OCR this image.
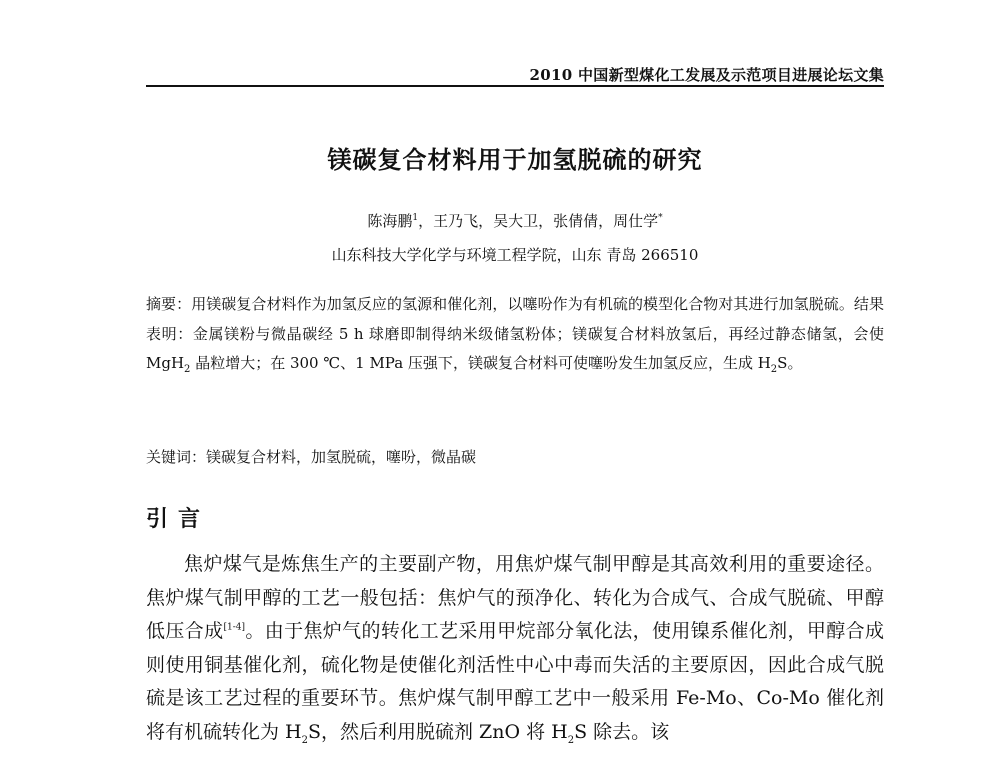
2010 中国新型煤化工发展及示范项目进展论坛文集
镁碳复合材料用于加氢脱硫的研究
陈海鹏$^1$，王乃飞，吴大卫，张倩倩，周仕学*
山东科技大学化学与环境工程学院，山东 青岛 266510

摘要：用镁碳复合材料作为加氢反应的氢源和催化剂，以噻吩作为有机硫的模型化合物对其进行加氢脱硫。结果表明：金属镁粉与微晶碳经 5 h 球磨即制得纳米级储氢粉体；镁碳复合材料放氢后，再经过静态储氢，会使 MgH$_2$ 晶粒增大；在 300 ℃、1 MPa 压强下，镁碳复合材料可使噻吩发生加氢反应，生成 $H_2S$。

关键词：镁碳复合材料，加氢脱硫，噻吩，微晶碳

引言

焦炉煤气是炼焦生产的主要副产物，用焦炉煤气制甲醇是其高效利用的重要途径。焦炉煤气制甲醇的工艺一般包括：焦炉气的预净化、转化为合成气、合成气脱硫、甲醇低压合成[1-4]。由于焦炉气的转化工艺采用甲烷部分氧化法，使用镍系催化剂，甲醇合成则使用铜基催化剂，硫化物是使催化剂活性中心中毒而失活的主要原因，因此合成气脱硫是该工艺过程的重要环节。焦炉煤气制甲醇工艺中一般采用 Fe-Mo、Co-Mo 催化剂将有机硫转化为 $H_2S$，然后利用脱硫剂 ZnO 将 $H_2S$ 除去。该
